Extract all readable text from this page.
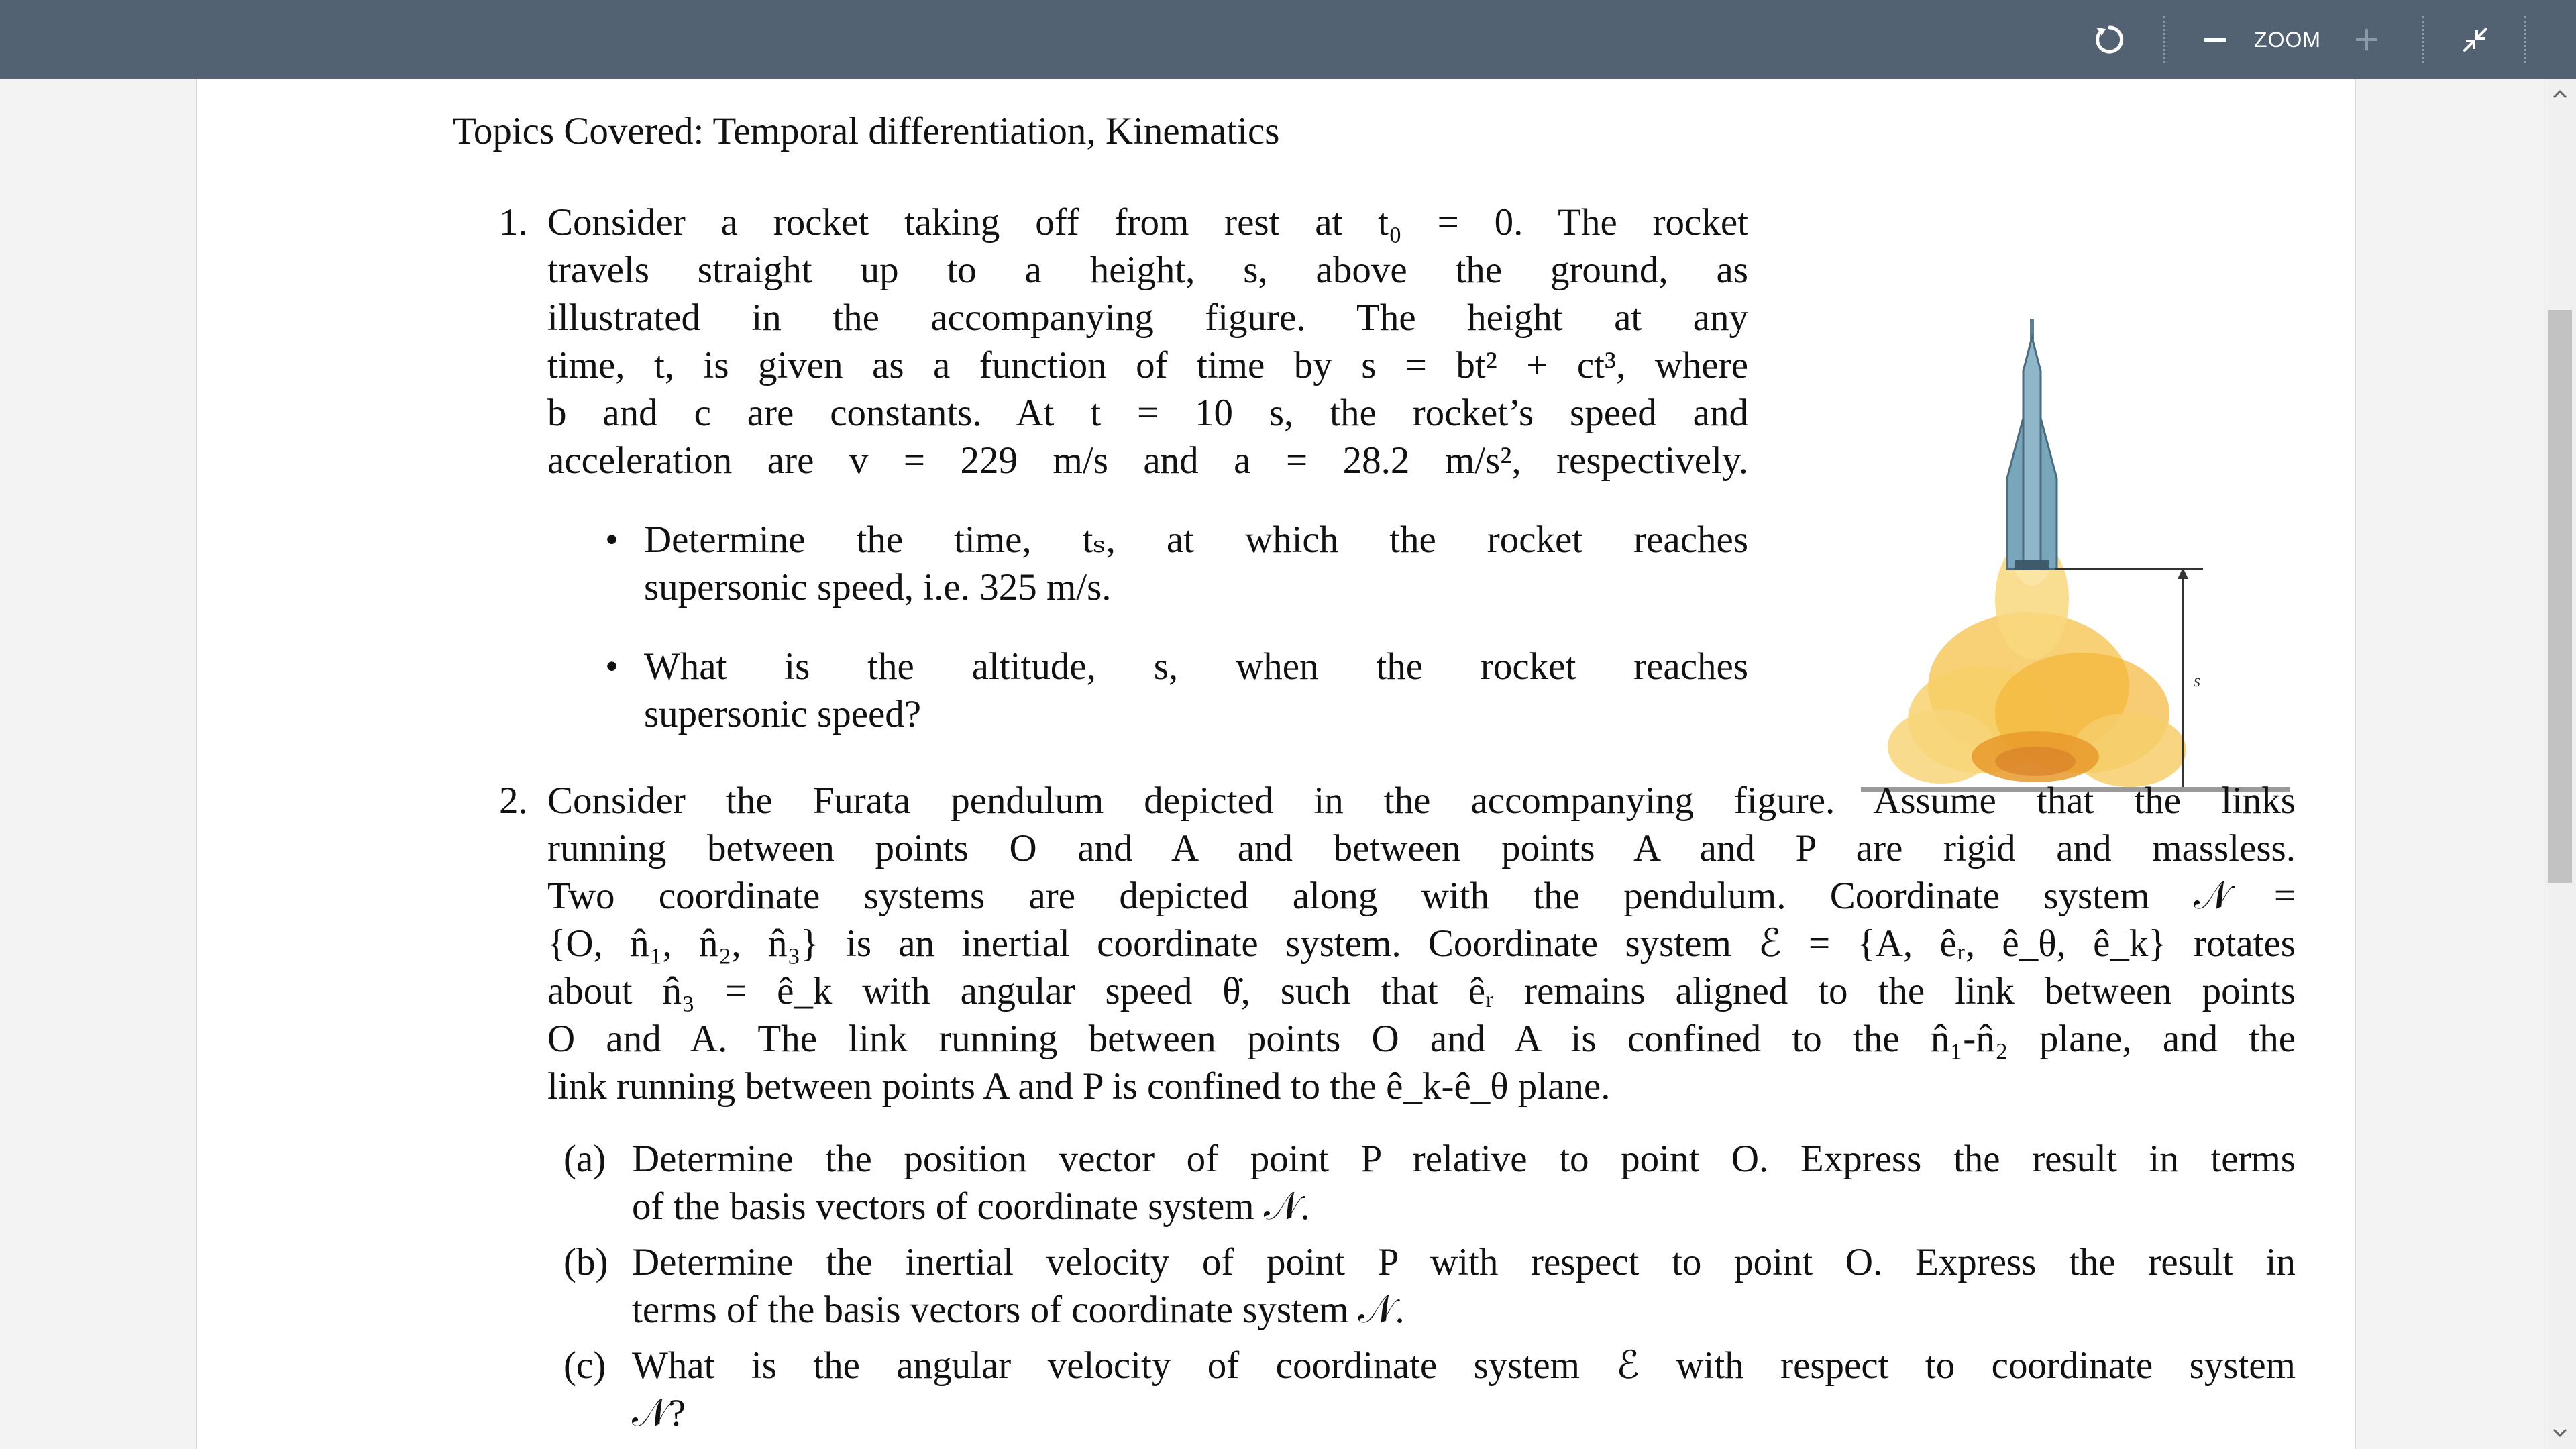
ZOOM
Topics Covered: Temporal differentiation, Kinematics
1. Consider a rocket taking off from rest at t₀ = 0. The rocket
travels straight up to a height, s, above the ground, as
illustrated in the accompanying figure. The height at any
time, t, is given as a function of time by s = bt² + ct³, where
b and c are constants. At t = 10 s, the rocket’s speed and
acceleration are v = 229 m/s and a = 28.2 m/s², respectively.
• Determine the time, tₛ, at which the rocket reaches
supersonic speed, i.e. 325 m/s.
• What is the altitude, s, when the rocket reaches
supersonic speed?
s
2. Consider the Furata pendulum depicted in the accompanying figure. Assume that the links
running between points O and A and between points A and P are rigid and massless.
Two coordinate systems are depicted along with the pendulum. Coordinate system 𝒩 =
{O, n̂₁, n̂₂, n̂₃} is an inertial coordinate system. Coordinate system ℰ = {A, êᵣ, ê_θ, ê_k} rotates
about n̂₃ = ê_k with angular speed θ̇, such that êᵣ remains aligned to the link between points
O and A. The link running between points O and A is confined to the n̂₁-n̂₂ plane, and the
link running between points A and P is confined to the ê_k-ê_θ plane.
(a) Determine the position vector of point P relative to point O. Express the result in terms
of the basis vectors of coordinate system 𝒩.
(b) Determine the inertial velocity of point P with respect to point O. Express the result in
terms of the basis vectors of coordinate system 𝒩.
(c) What is the angular velocity of coordinate system ℰ with respect to coordinate system
𝒩?
